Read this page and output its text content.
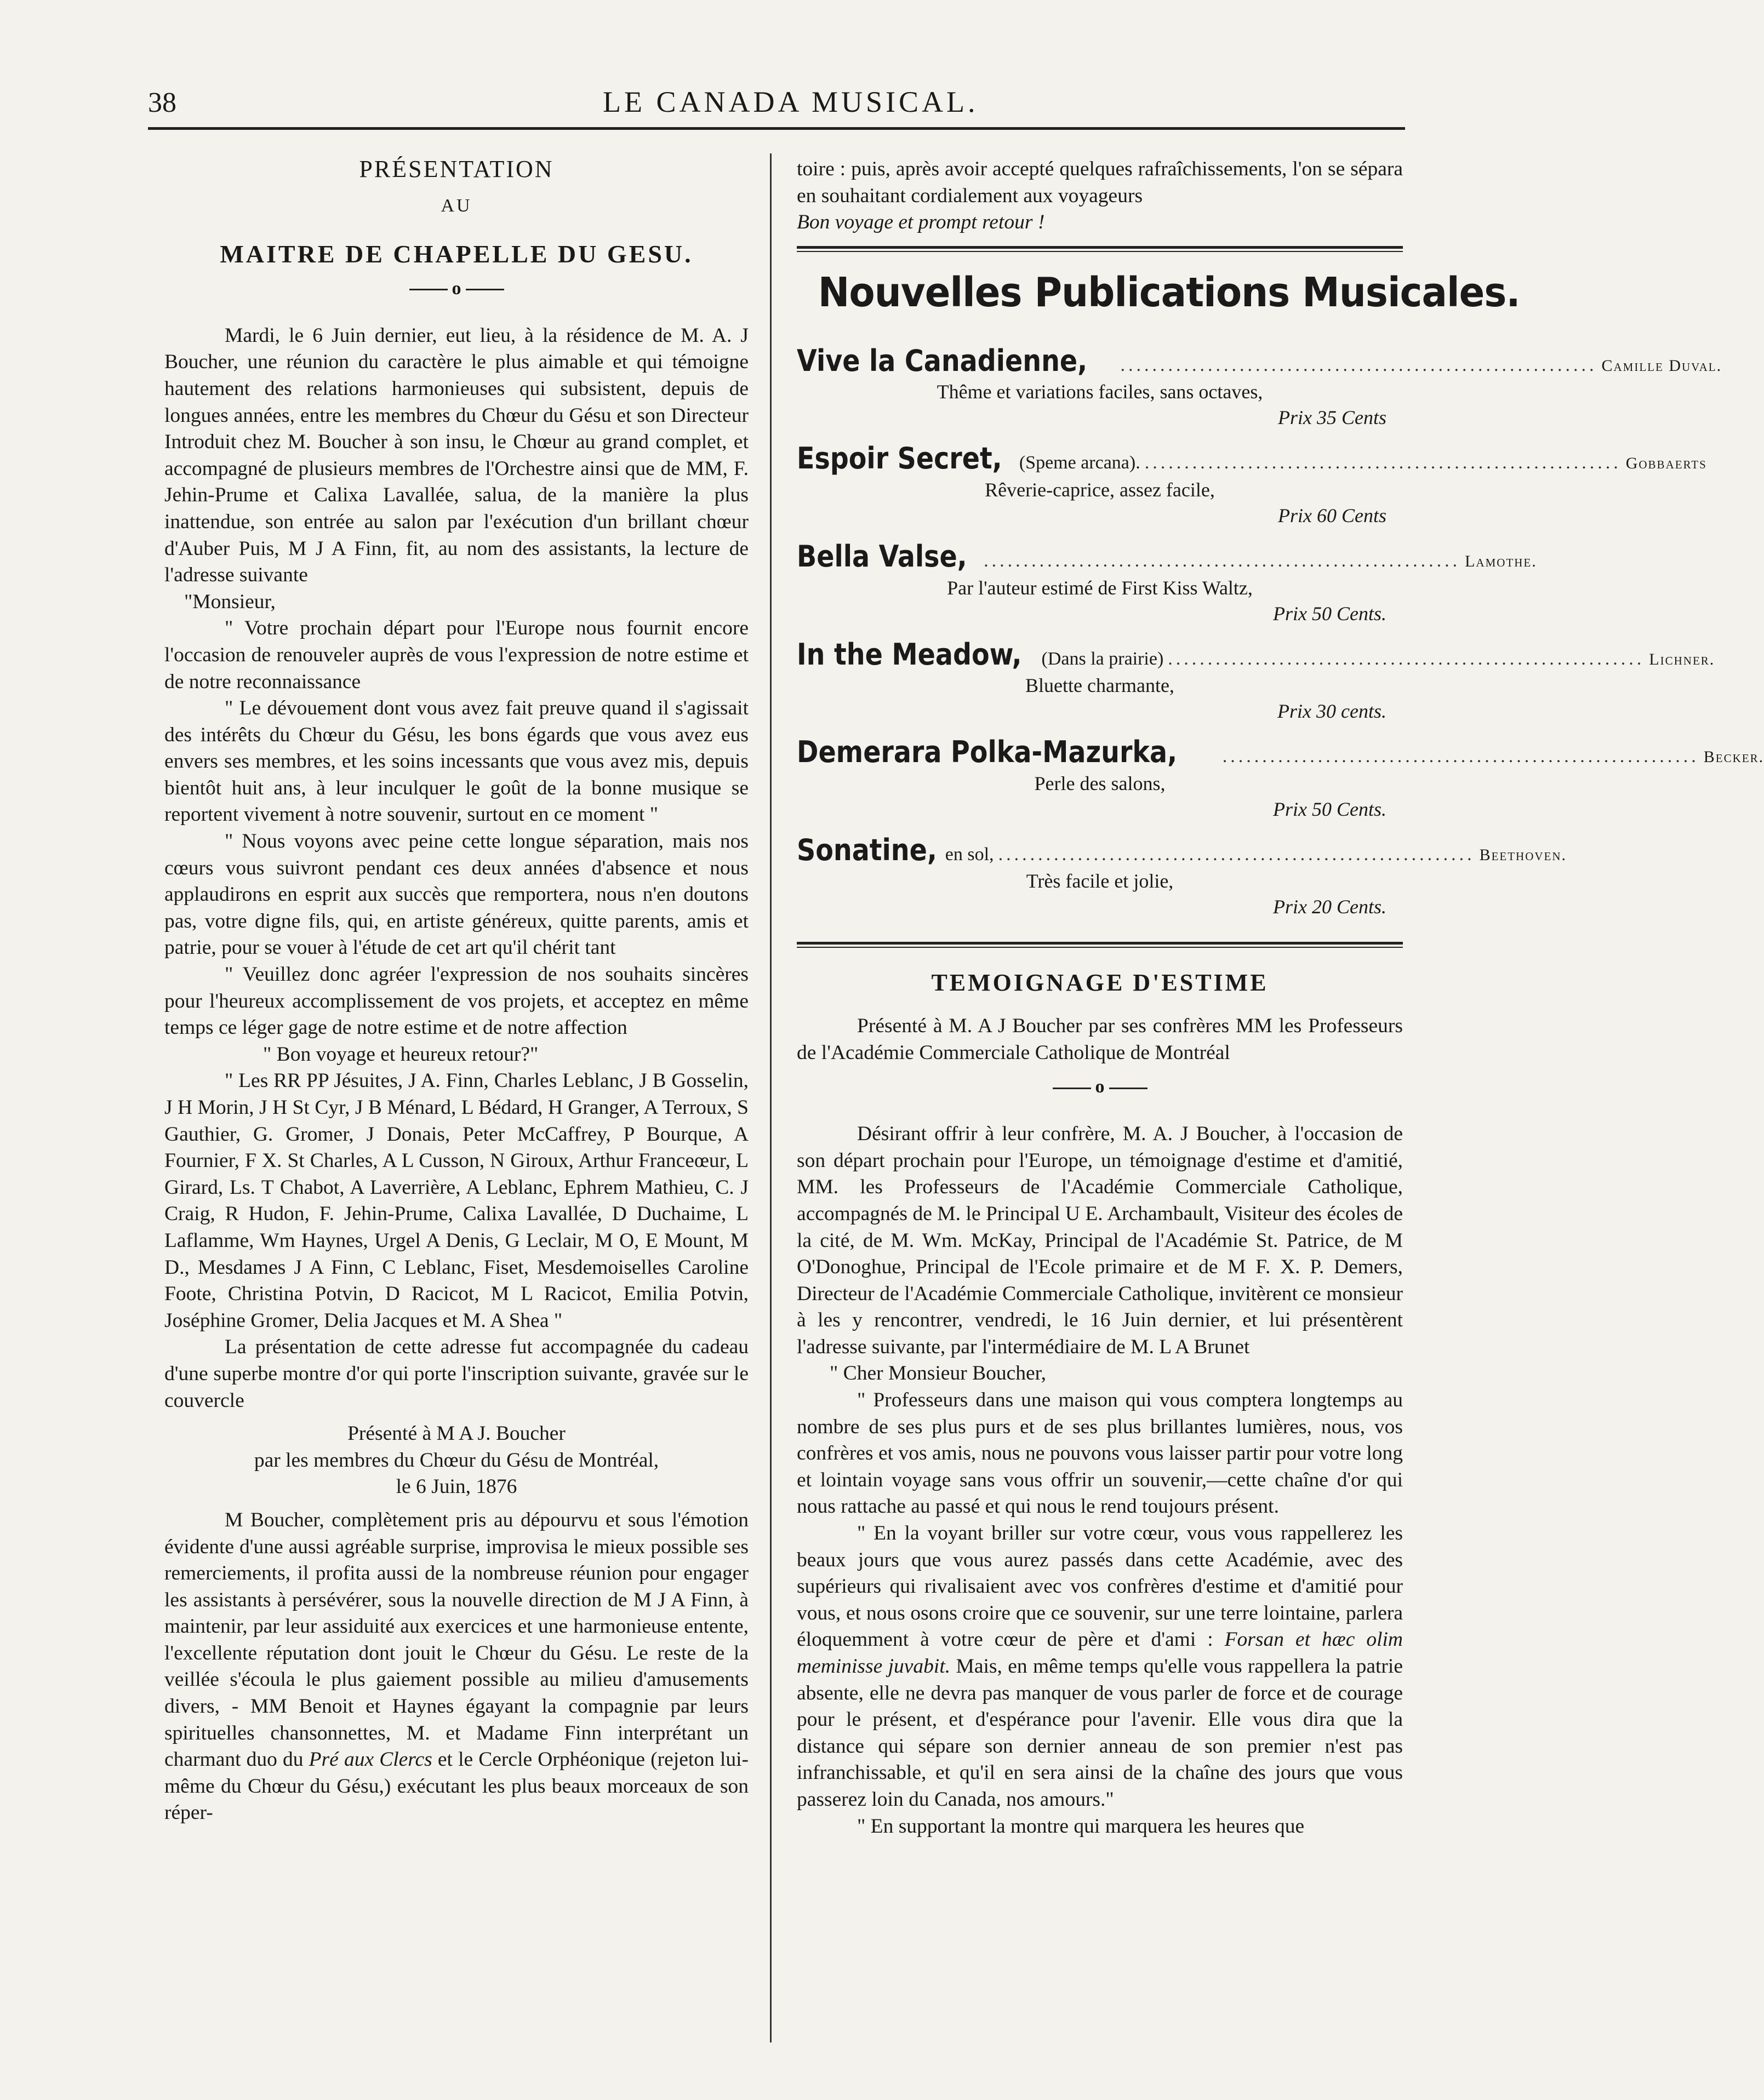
38	LE CANADA MUSICAL.
PRÉSENTATION
AU
MAITRE DE CHAPELLE DU GESU.
o

Mardi, le 6 Juin dernier, eut lieu, à la résidence de M. A. J Boucher, une réunion du caractère le plus aimable et qui témoigne hautement des relations harmonieuses qui subsistent, depuis de longues années, entre les membres du Chœur du Gésu et son Directeur Introduit chez M. Boucher à son insu, le Chœur au grand complet, et accompagné de plusieurs membres de l'Orchestre ainsi que de MM, F. Jehin-Prume et Calixa Lavallée, salua, de la manière la plus inattendue, son entrée au salon par l'exécution d'un brillant chœur d'Auber Puis, M J A Finn, fit, au nom des assistants, la lecture de l'adresse suivante

"Monsieur,

" Votre prochain départ pour l'Europe nous fournit encore l'occasion de renouveler auprès de vous l'expression de notre estime et de notre reconnaissance

" Le dévouement dont vous avez fait preuve quand il s'agissait des intérêts du Chœur du Gésu, les bons égards que vous avez eus envers ses membres, et les soins incessants que vous avez mis, depuis bientôt huit ans, à leur inculquer le goût de la bonne musique se reportent vivement à notre souvenir, surtout en ce moment "

" Nous voyons avec peine cette longue séparation, mais nos cœurs vous suivront pendant ces deux années d'absence et nous applaudirons en esprit aux succès que remportera, nous n'en doutons pas, votre digne fils, qui, en artiste généreux, quitte parents, amis et patrie, pour se vouer à l'étude de cet art qu'il chérit tant

" Veuillez donc agréer l'expression de nos souhaits sincères pour l'heureux accomplissement de vos projets, et acceptez en même temps ce léger gage de notre estime et de notre affection

" Bon voyage et heureux retour?"

" Les RR PP Jésuites, J A. Finn, Charles Leblanc, J B Gosselin, J H Morin, J H St Cyr, J B Ménard, L Bédard, H Granger, A Terroux, S Gauthier, G. Gromer, J Donais, Peter McCaffrey, P Bourque, A Fournier, F X. St Charles, A L Cusson, N Giroux, Arthur Franceœur, L Girard, Ls. T Chabot, A Laverrière, A Leblanc, Ephrem Mathieu, C. J Craig, R Hudon, F. Jehin-Prume, Calixa Lavallée, D Duchaime, L Laflamme, Wm Haynes, Urgel A Denis, G Leclair, M O, E Mount, M D., Mesdames J A Finn, C Leblanc, Fiset, Mesdemoiselles Caroline Foote, Christina Potvin, D Racicot, M L Racicot, Emilia Potvin, Joséphine Gromer, Delia Jacques et M. A Shea "

La présentation de cette adresse fut accompagnée du cadeau d'une superbe montre d'or qui porte l'inscription suivante, gravée sur le couvercle

Présenté à M A J. Boucher
par les membres du Chœur du Gésu de Montréal,
le 6 Juin, 1876

M Boucher, complètement pris au dépourvu et sous l'émotion évidente d'une aussi agréable surprise, improvisa le mieux possible ses remerciements, il profita aussi de la nombreuse réunion pour engager les assistants à persévérer, sous la nouvelle direction de M J A Finn, à maintenir, par leur assiduité aux exercices et une harmonieuse entente, l'excellente réputation dont jouit le Chœur du Gésu. Le reste de la veillée s'écoula le plus gaiement possible au milieu d'amusements divers, - MM Benoit et Haynes égayant la compagnie par leurs spirituelles chansonnettes, M. et Madame Finn interprétant un charmant duo du Pré aux Clercs et le Cercle Orphéonique (rejeton lui-même du Chœur du Gésu,) exécutant les plus beaux morceaux de son réper-

toire : puis, après avoir accepté quelques rafraîchissements, l'on se sépara en souhaitant cordialement aux voyageurs

Bon voyage et prompt retour !

Nouvelles Publications Musicales.
Vive la Canadienne, ............................................................ Camille Duval.
Thême et variations faciles, sans octaves,
Prix 35 Cents
Espoir Secret, (Speme arcana). ............................................................ Gobbaerts
Rêverie-caprice, assez facile,
Prix 60 Cents
Bella Valse, ............................................................ Lamothe.
Par l'auteur estimé de First Kiss Waltz,
Prix 50 Cents.
In the Meadow, (Dans la prairie) ............................................................ Lichner.
Bluette charmante,
Prix 30 cents.
Demerara Polka-Mazurka, ............................................................ Becker.
Perle des salons,
Prix 50 Cents.
Sonatine, en sol, ............................................................ Beethoven.
Très facile et jolie,
Prix 20 Cents.
TEMOIGNAGE D'ESTIME

Présenté à M. A J Boucher par ses confrères MM les Professeurs de l'Académie Commerciale Catholique de Montréal

o

Désirant offrir à leur confrère, M. A. J Boucher, à l'occasion de son départ prochain pour l'Europe, un témoignage d'estime et d'amitié, MM. les Professeurs de l'Académie Commerciale Catholique, accompagnés de M. le Principal U E. Archambault, Visiteur des écoles de la cité, de M. Wm. McKay, Principal de l'Académie St. Patrice, de M O'Donoghue, Principal de l'Ecole primaire et de M F. X. P. Demers, Directeur de l'Académie Commerciale Catholique, invitèrent ce monsieur à les y rencontrer, vendredi, le 16 Juin dernier, et lui présentèrent l'adresse suivante, par l'intermédiaire de M. L A Brunet

" Cher Monsieur Boucher,

" Professeurs dans une maison qui vous comptera longtemps au nombre de ses plus purs et de ses plus brillantes lumières, nous, vos confrères et vos amis, nous ne pouvons vous laisser partir pour votre long et lointain voyage sans vous offrir un souvenir,—cette chaîne d'or qui nous rattache au passé et qui nous le rend toujours présent.

" En la voyant briller sur votre cœur, vous vous rappellerez les beaux jours que vous aurez passés dans cette Académie, avec des supérieurs qui rivalisaient avec vos confrères d'estime et d'amitié pour vous, et nous osons croire que ce souvenir, sur une terre lointaine, parlera éloquemment à votre cœur de père et d'ami : Forsan et hæc olim meminisse juvabit. Mais, en même temps qu'elle vous rappellera la patrie absente, elle ne devra pas manquer de vous parler de force et de courage pour le présent, et d'espérance pour l'avenir. Elle vous dira que la distance qui sépare son dernier anneau de son premier n'est pas infranchissable, et qu'il en sera ainsi de la chaîne des jours que vous passerez loin du Canada, nos amours."

" En supportant la montre qui marquera les heures que
